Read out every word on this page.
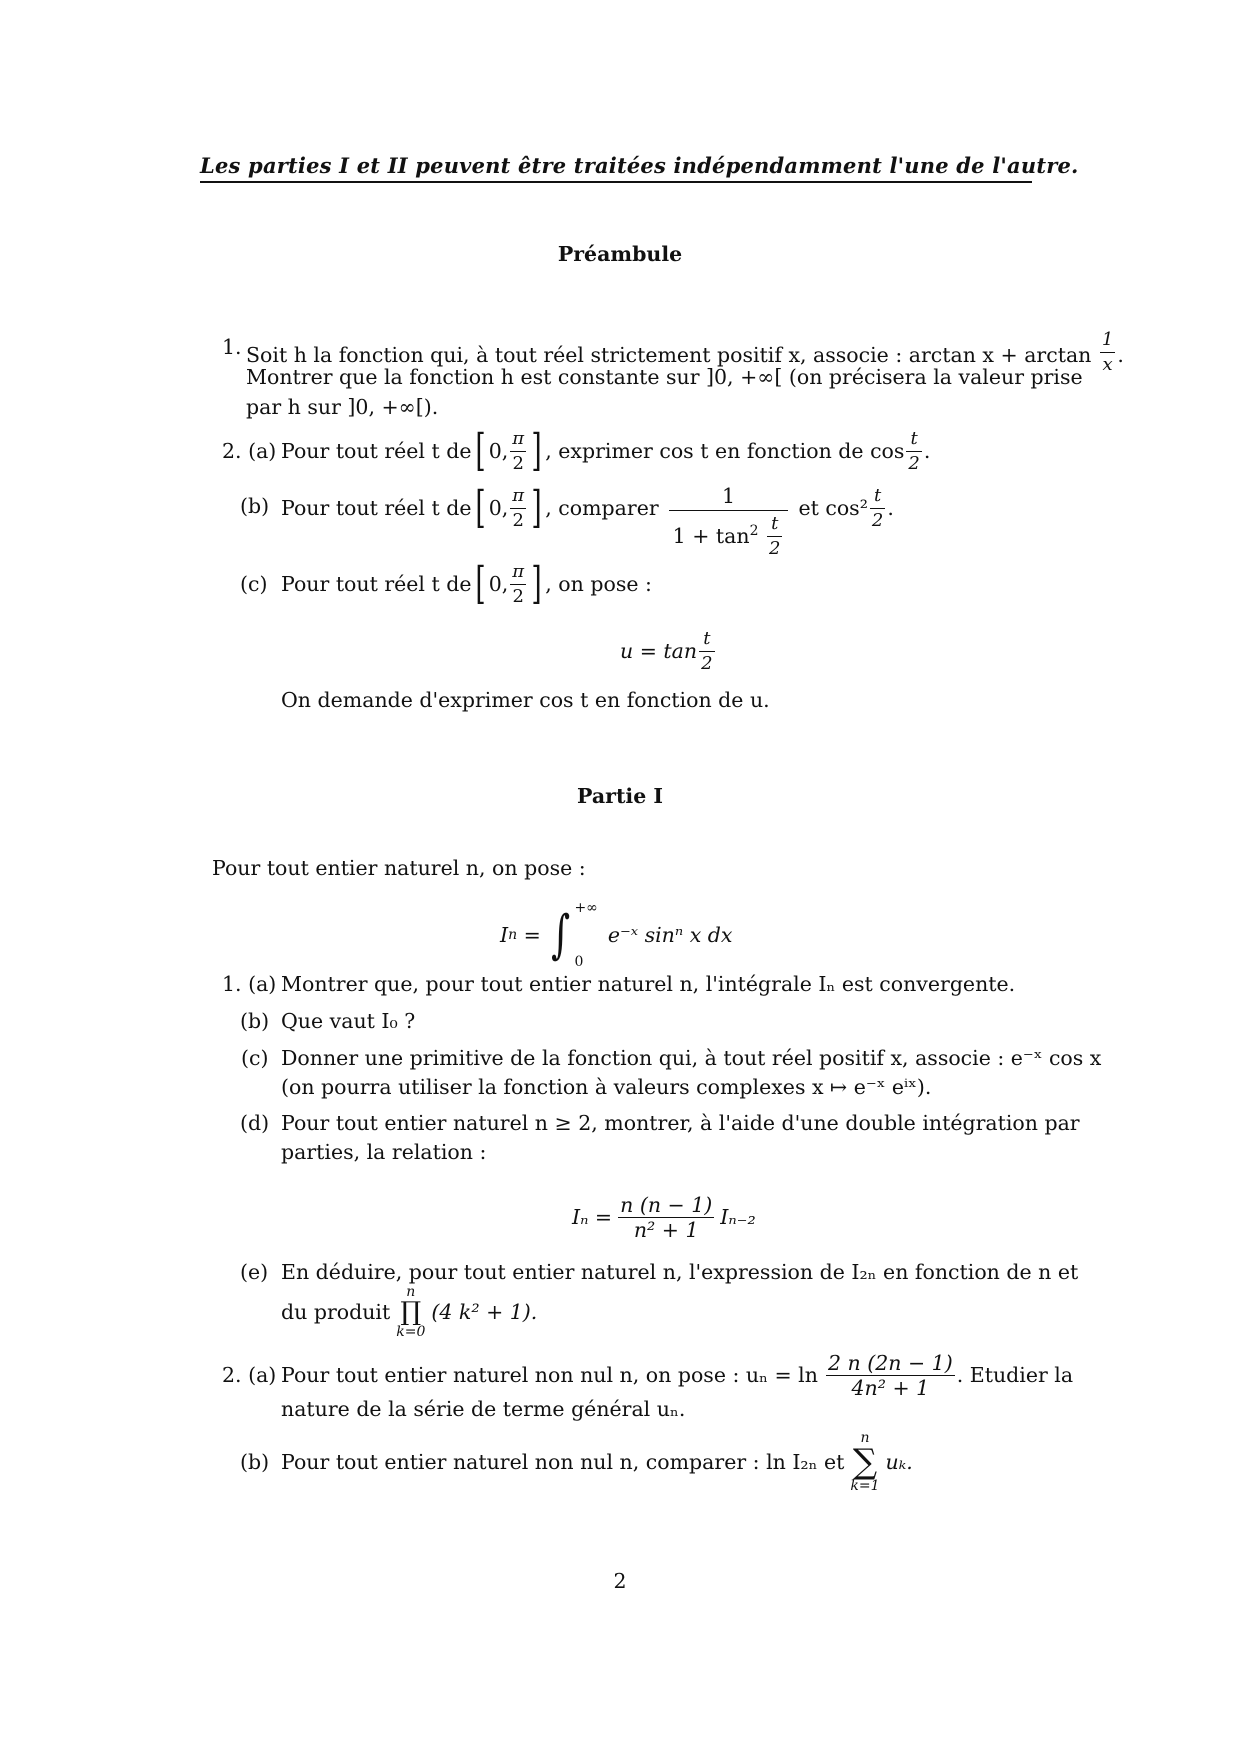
Les parties I et II peuvent être traitées indépendamment l'une de l'autre.
Préambule
1. Soit h la fonction qui, à tout réel strictement positif x, associe : $\arctan x + \arctan \frac{1}{x}$ .
Montrer que la fonction h est constante sur ]0, +∞[ (on précisera la valeur prise
par h sur ]0, +∞[).
2. (a) Pour tout réel t de [ 0, $\frac{\pi}{2}$ ] , exprimer cos t en fonction de $\cos \frac{t}{2}$ .
(b) Pour tout réel t de [ 0, $\frac{\pi}{2}$ ] , comparer $\frac{1}{1 + \tan^2 \frac{t}{2}}$ et $\cos^2 \frac{t}{2}$ .
(c) Pour tout réel t de [ 0, $\frac{\pi}{2}$ ] , on pose :
$u = \tan \frac{t}{2}$
On demande d'exprimer cos t en fonction de u.
Partie I
Pour tout entier naturel n, on pose :
I n = ∫ +∞
0
e⁻ˣ sinⁿ x dx
1. (a) Montrer que, pour tout entier naturel n, l'intégrale Iₙ est convergente.
(b) Que vaut I₀ ?
(c) Donner une primitive de la fonction qui, à tout réel positif x, associe : e⁻ˣ cos x
(on pourra utiliser la fonction à valeurs complexes x ↦ e⁻ˣ eⁱˣ).
(d) Pour tout entier naturel n ≥ 2, montrer, à l'aide d'une double intégration par
parties, la relation :
$I_n = \frac{n (n - 1)}{\text{n² + 1}} I_{n-2}$
(e) En déduire, pour tout entier naturel n, l'expression de I₂ₙ en fonction de n et
du produit
n
∏
k=0
(4 k² + 1).
2. (a) Pour tout entier naturel non nul n, on pose : $u_n = \ln \frac{2 n (2n - 1)}{\text{4n² + 1}}$ . Etudier la
nature de la série de terme général uₙ.
(b) Pour tout entier naturel non nul n, comparer : ln I₂ₙ et
n
∑
k=1
uₖ.
2
